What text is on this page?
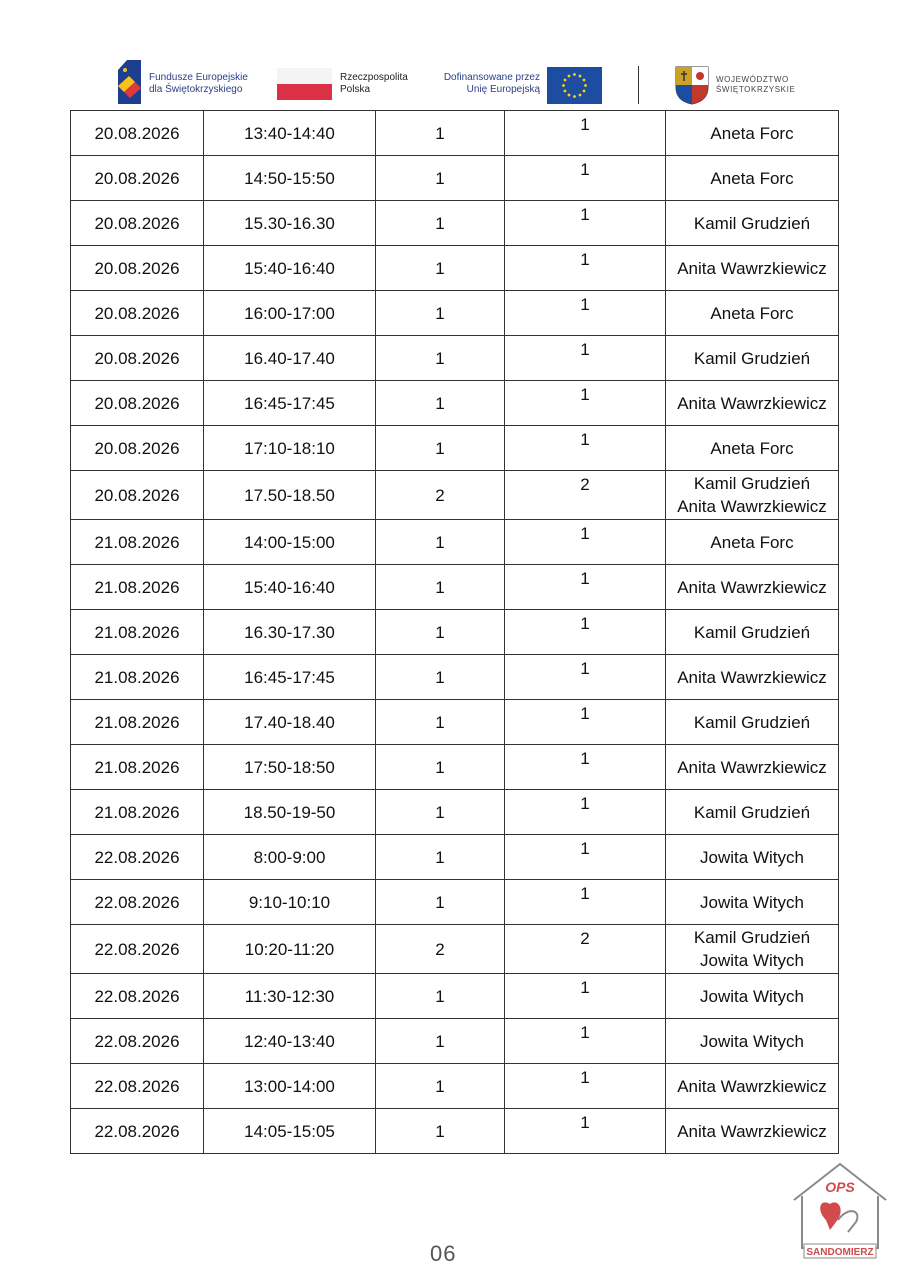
Fundusze Europejskie
dla Świętokrzyskiego
Rzeczpospolita
Polska
Dofinansowane przez
Unię Europejską
WOJEWÓDZTWO
ŚWIĘTOKRZYSKIE
20.08.2026	13:40-14:40	1	1	Aneta Forc

20.08.2026	14:50-15:50	1	1	Aneta Forc

20.08.2026	15.30-16.30	1	1	Kamil Grudzień

20.08.2026	15:40-16:40	1	1	Anita Wawrzkiewicz

20.08.2026	16:00-17:00	1	1	Aneta Forc

20.08.2026	16.40-17.40	1	1	Kamil Grudzień

20.08.2026	16:45-17:45	1	1	Anita Wawrzkiewicz

20.08.2026	17:10-18:10	1	1	Aneta Forc

20.08.2026	17.50-18.50	2	2	Kamil Grudzień
Anita Wawrzkiewicz

21.08.2026	14:00-15:00	1	1	Aneta Forc

21.08.2026	15:40-16:40	1	1	Anita Wawrzkiewicz

21.08.2026	16.30-17.30	1	1	Kamil Grudzień

21.08.2026	16:45-17:45	1	1	Anita Wawrzkiewicz

21.08.2026	17.40-18.40	1	1	Kamil Grudzień

21.08.2026	17:50-18:50	1	1	Anita Wawrzkiewicz

21.08.2026	18.50-19-50	1	1	Kamil Grudzień

22.08.2026	8:00-9:00	1	1	Jowita Witych

22.08.2026	9:10-10:10	1	1	Jowita Witych

22.08.2026	10:20-11:20	2	2	Kamil Grudzień
Jowita Witych

22.08.2026	11:30-12:30	1	1	Jowita Witych

22.08.2026	12:40-13:40	1	1	Jowita Witych

22.08.2026	13:00-14:00	1	1	Anita Wawrzkiewicz

22.08.2026	14:05-15:05	1	1	Anita Wawrzkiewicz
06
OPS
SANDOMIERZ
